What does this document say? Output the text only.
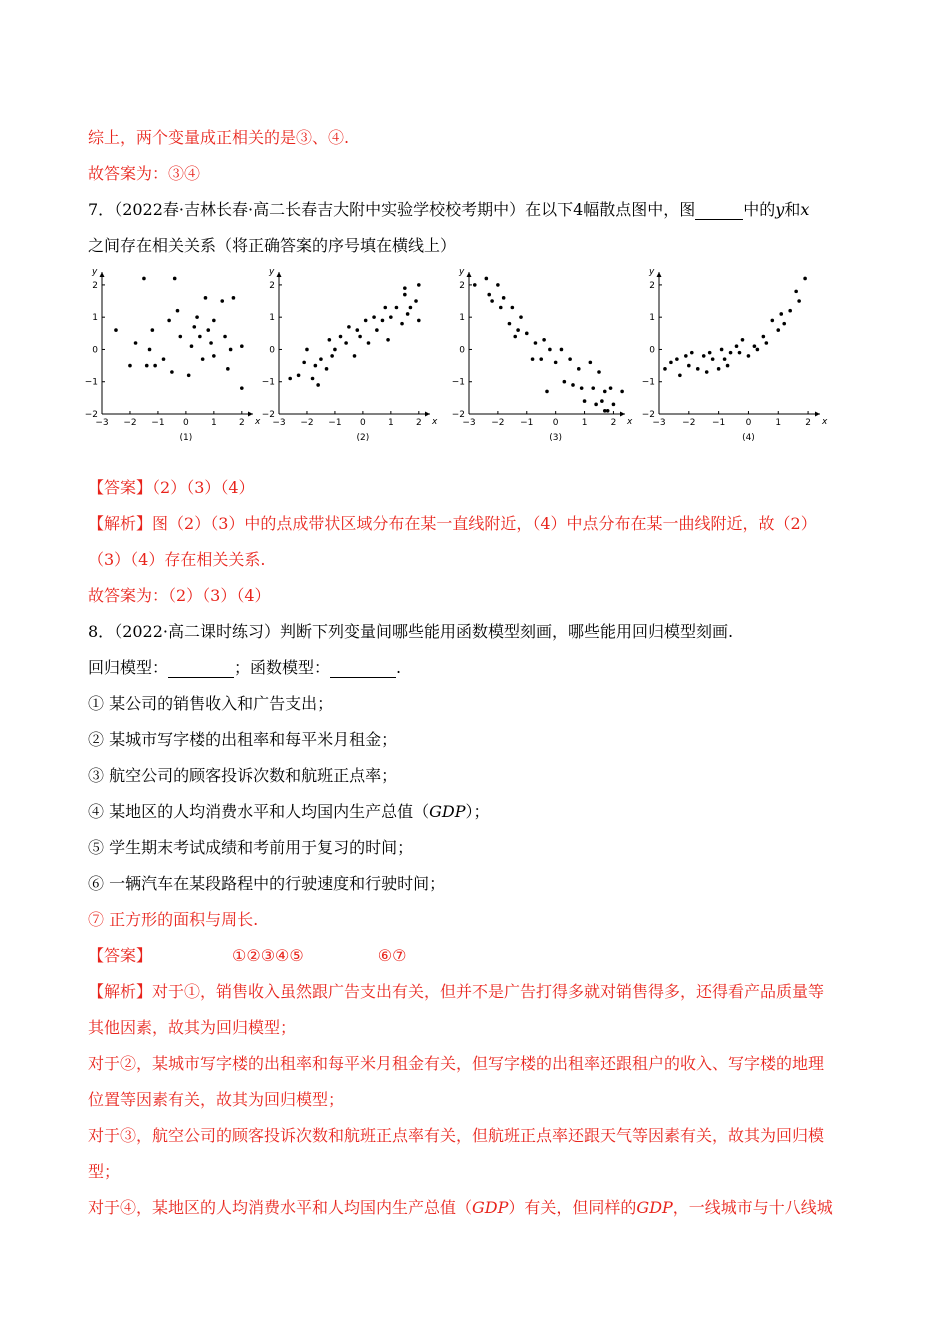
综上，两个变量成正相关的是③、④.
故答案为：③④
7．（2022春·吉林长春·高二长春吉大附中实验学校校考期中）在以下4幅散点图中，图	中的y和x
之间存在相关关系（将正确答案的序号填在横线上）
y
x
−3 −2 −1 0 1 2
2
1
0
−1
−2
(1)
y
x
−3 −2 −1 0 1 2
2
1
0
−1
−2
(2)
y
x
−3 −2 −1 0	1	2
2
1
0
−1
−2
(3)
y
x
−3 −2 −1 0	1	2
2
1
0
−1
−2
(4)
【答案】（2）（3）（4）
【解析】图（2）（3）中的点成带状区域分布在某一直线附近，（4）中点分布在某一曲线附近，故（2）
（3）（4）存在相关关系.
故答案为：（2）（3）（4）
8．（2022·高二课时练习）判断下列变量间哪些能用函数模型刻画，哪些能用回归模型刻画.
回归模型：	；函数模型：	.
① 某公司的销售收入和广告支出；
② 某城市写字楼的出租率和每平米月租金；
③ 航空公司的顾客投诉次数和航班正点率；
④ 某地区的人均消费水平和人均国内生产总值（GDP）；
⑤ 学生期末考试成绩和考前用于复习的时间；
⑥ 一辆汽车在某段路程中的行驶速度和行驶时间；
⑦ 正方形的面积与周长.
【答案】	①②③④⑤	⑥⑦
【解析】对于①，销售收入虽然跟广告支出有关，但并不是广告打得多就对销售得多，还得看产品质量等
其他因素，故其为回归模型；
对于②，某城市写字楼的出租率和每平米月租金有关，但写字楼的出租率还跟租户的收入、写字楼的地理
位置等因素有关，故其为回归模型；
对于③，航空公司的顾客投诉次数和航班正点率有关，但航班正点率还跟天气等因素有关，故其为回归模
型；
对于④，某地区的人均消费水平和人均国内生产总值（GDP）有关，但同样的GDP，一线城市与十八线城
